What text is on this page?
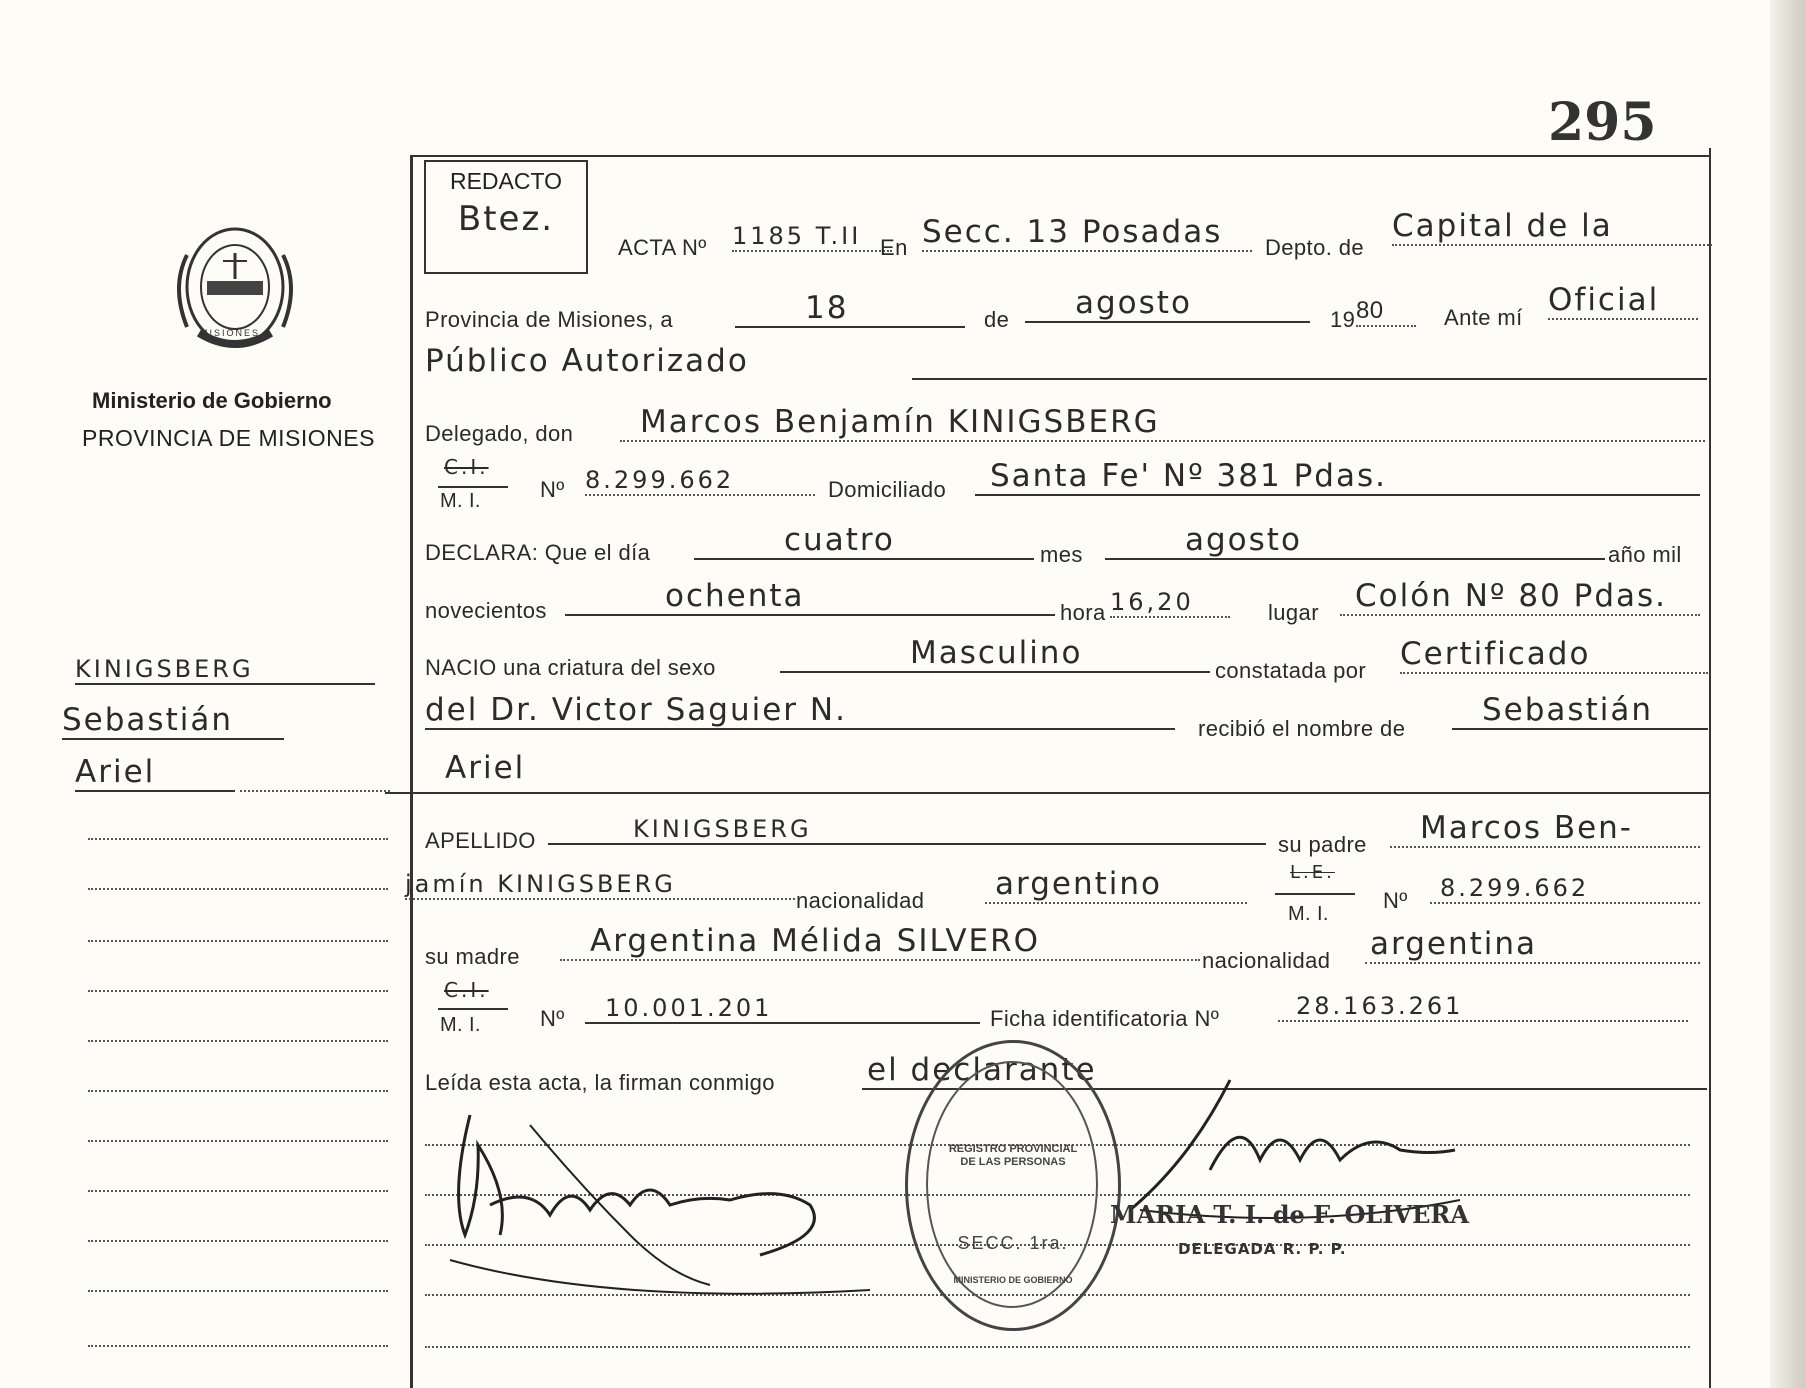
295
REDACTO
Btez.
MISIONES
Ministerio de Gobierno
PROVINCIA DE MISIONES
KINIGSBERG
Sebastián
Ariel
ACTA Nº 1185 T.II En Secc. 13 Posadas	Depto. de
Capital de la
Provincia de Misiones, a	18	de	agosto	19 80	Ante mí Oficial
Público Autorizado
Delegado, don	Marcos Benjamín KINIGSBERG
C.I.
M. I.	Nº 8.299.662	Domiciliado	Santa Fe' Nº 381 Pdas.
DECLARA: Que el día	cuatro	mes	agosto	año mil
novecientos	ochenta	hora 16,20	lugar	Colón Nº 80 Pdas.
NACIO una criatura del sexo	Masculino	constatada por Certificado
del Dr. Victor Saguier N.
recibió el nombre de
Sebastián
Ariel
APELLIDO	KINIGSBERG
su padre	Marcos Ben-
jamín KINIGSBERG
nacionalidad	argentino	L.E.
M. I.
Nº	8.299.662
su madre	Argentina Mélida SILVERO
nacionalidad argentina
C.I.
M. I.	Nº	10.001.201	Ficha identificatoria Nº	28.163.261
Leída esta acta, la firman conmigo	el declarante
REGISTRO PROVINCIAL DE LAS PERSONAS
SECC. 1ra.
MINISTERIO DE GOBIERNO
MARIA T. I. de F. OLIVERA
DELEGADA R. P. P.
